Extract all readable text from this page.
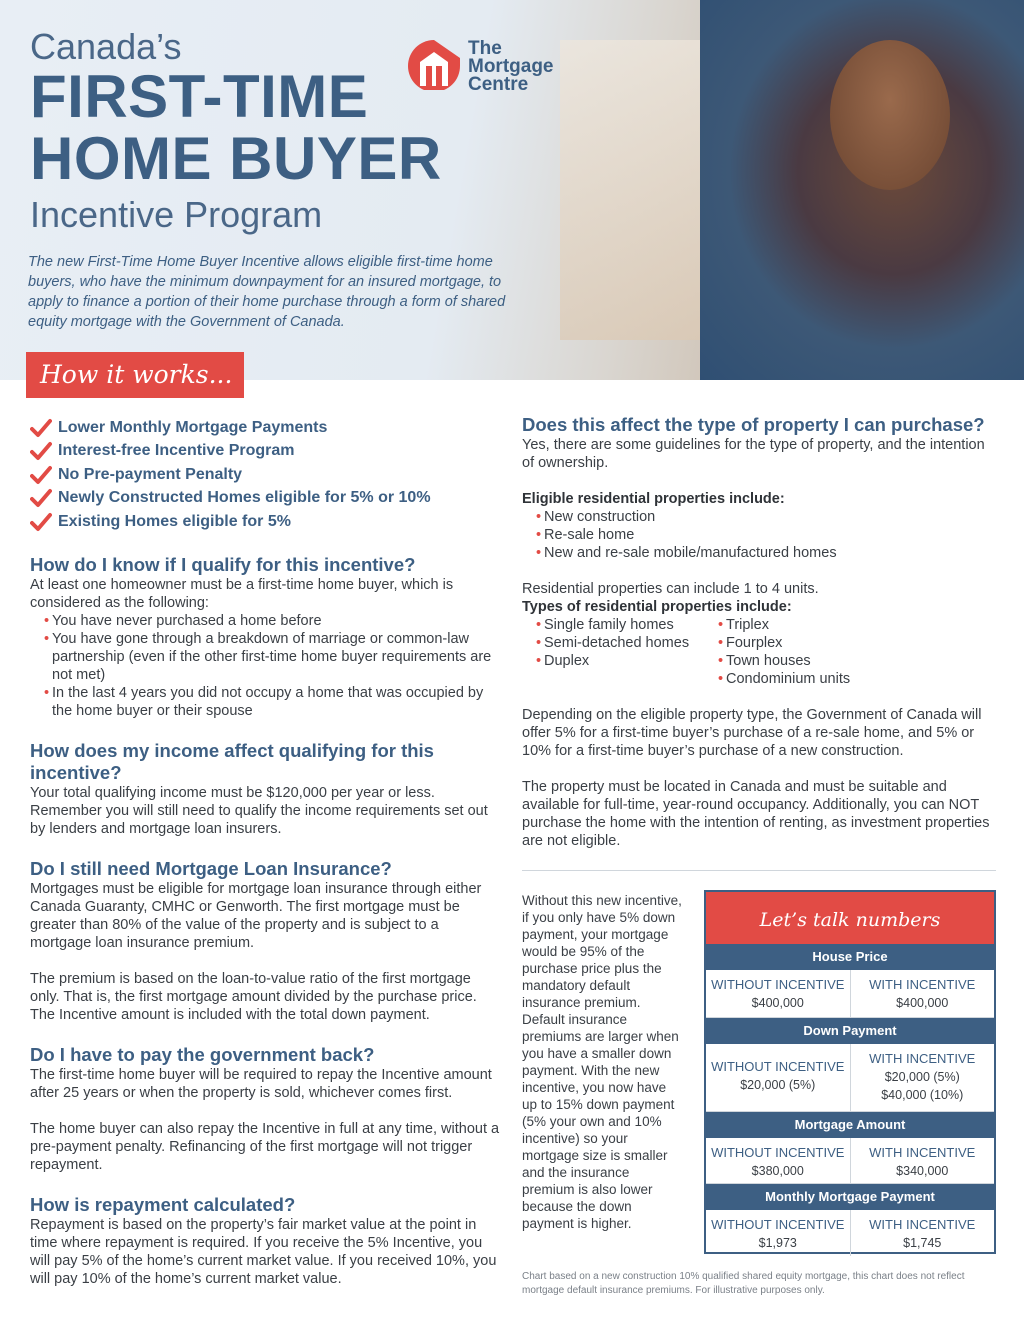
Canada’s
FIRST-TIME
HOME BUYER
Incentive Program
The new First-Time Home Buyer Incentive allows eligible first-time home buyers, who have the minimum downpayment for an insured mortgage, to apply to finance a portion of their home purchase through a form of shared equity mortgage with the Government of Canada.
The
Mortgage
Centre
How it works...
Lower Monthly Mortgage Payments
Interest-free Incentive Program
No Pre-payment Penalty
Newly Constructed Homes eligible for 5% or 10%
Existing Homes eligible for 5%
How do I know if I qualify for this incentive?
At least one homeowner must be a first-time home buyer, which is considered as the following:
• You have never purchased a home before
• You have gone through a breakdown of marriage or common-law partnership (even if the other first-time home buyer requirements are not met)
• In the last 4 years you did not occupy a home that was occupied by the home buyer or their spouse
How does my income affect qualifying for this incentive?
Your total qualifying income must be $120,000 per year or less. Remember you will still need to qualify the income requirements set out by lenders and mortgage loan insurers.
Do I still need Mortgage Loan Insurance?
Mortgages must be eligible for mortgage loan insurance through either Canada Guaranty, CMHC or Genworth. The first mortgage must be greater than 80% of the value of the property and is subject to a mortgage loan insurance premium.
The premium is based on the loan-to-value ratio of the first mortgage only. That is, the first mortgage amount divided by the purchase price. The Incentive amount is included with the total down payment.
Do I have to pay the government back?
The first-time home buyer will be required to repay the Incentive amount after 25 years or when the property is sold, whichever comes first.
The home buyer can also repay the Incentive in full at any time, without a pre-payment penalty. Refinancing of the first mortgage will not trigger repayment.
How is repayment calculated?
Repayment is based on the property’s fair market value at the point in time where repayment is required. If you receive the 5% Incentive, you will pay 5% of the home’s current market value. If you received 10%, you will pay 10% of the home’s current market value.
Does this affect the type of property I can purchase?
Yes, there are some guidelines for the type of property, and the intention of ownership.
Eligible residential properties include:
• New construction
• Re-sale home
• New and re-sale mobile/manufactured homes
Residential properties can include 1 to 4 units.
Types of residential properties include:
• Single family homes
• Semi-detached homes
• Duplex
• Triplex
• Fourplex
• Town houses
• Condominium units
Depending on the eligible property type, the Government of Canada will offer 5% for a first-time buyer’s purchase of a re-sale home, and 5% or 10% for a first-time buyer’s purchase of a new construction.
The property must be located in Canada and must be suitable and available for full-time, year-round occupancy. Additionally, you can NOT purchase the home with the intention of renting, as investment properties are not eligible.
Without this new incentive, if you only have 5% down payment, your mortgage would be 95% of the purchase price plus the mandatory default insurance premium. Default insurance premiums are larger when you have a smaller down payment. With the new incentive, you now have up to 15% down payment (5% your own and 10% incentive) so your mortgage size is smaller and the insurance premium is also lower because the down payment is higher.
Let’s talk numbers
House Price
WITHOUT INCENTIVE
$400,000
WITH INCENTIVE
$400,000
Down Payment
WITHOUT INCENTIVE
$20,000 (5%)
WITH INCENTIVE
$20,000 (5%)
$40,000 (10%)
Mortgage Amount
WITHOUT INCENTIVE
$380,000
WITH INCENTIVE
$340,000
Monthly Mortgage Payment
WITHOUT INCENTIVE
$1,973
WITH INCENTIVE
$1,745
Chart based on a new construction 10% qualified shared equity mortgage, this chart does not reflect mortgage default insurance premiums. For illustrative purposes only.
